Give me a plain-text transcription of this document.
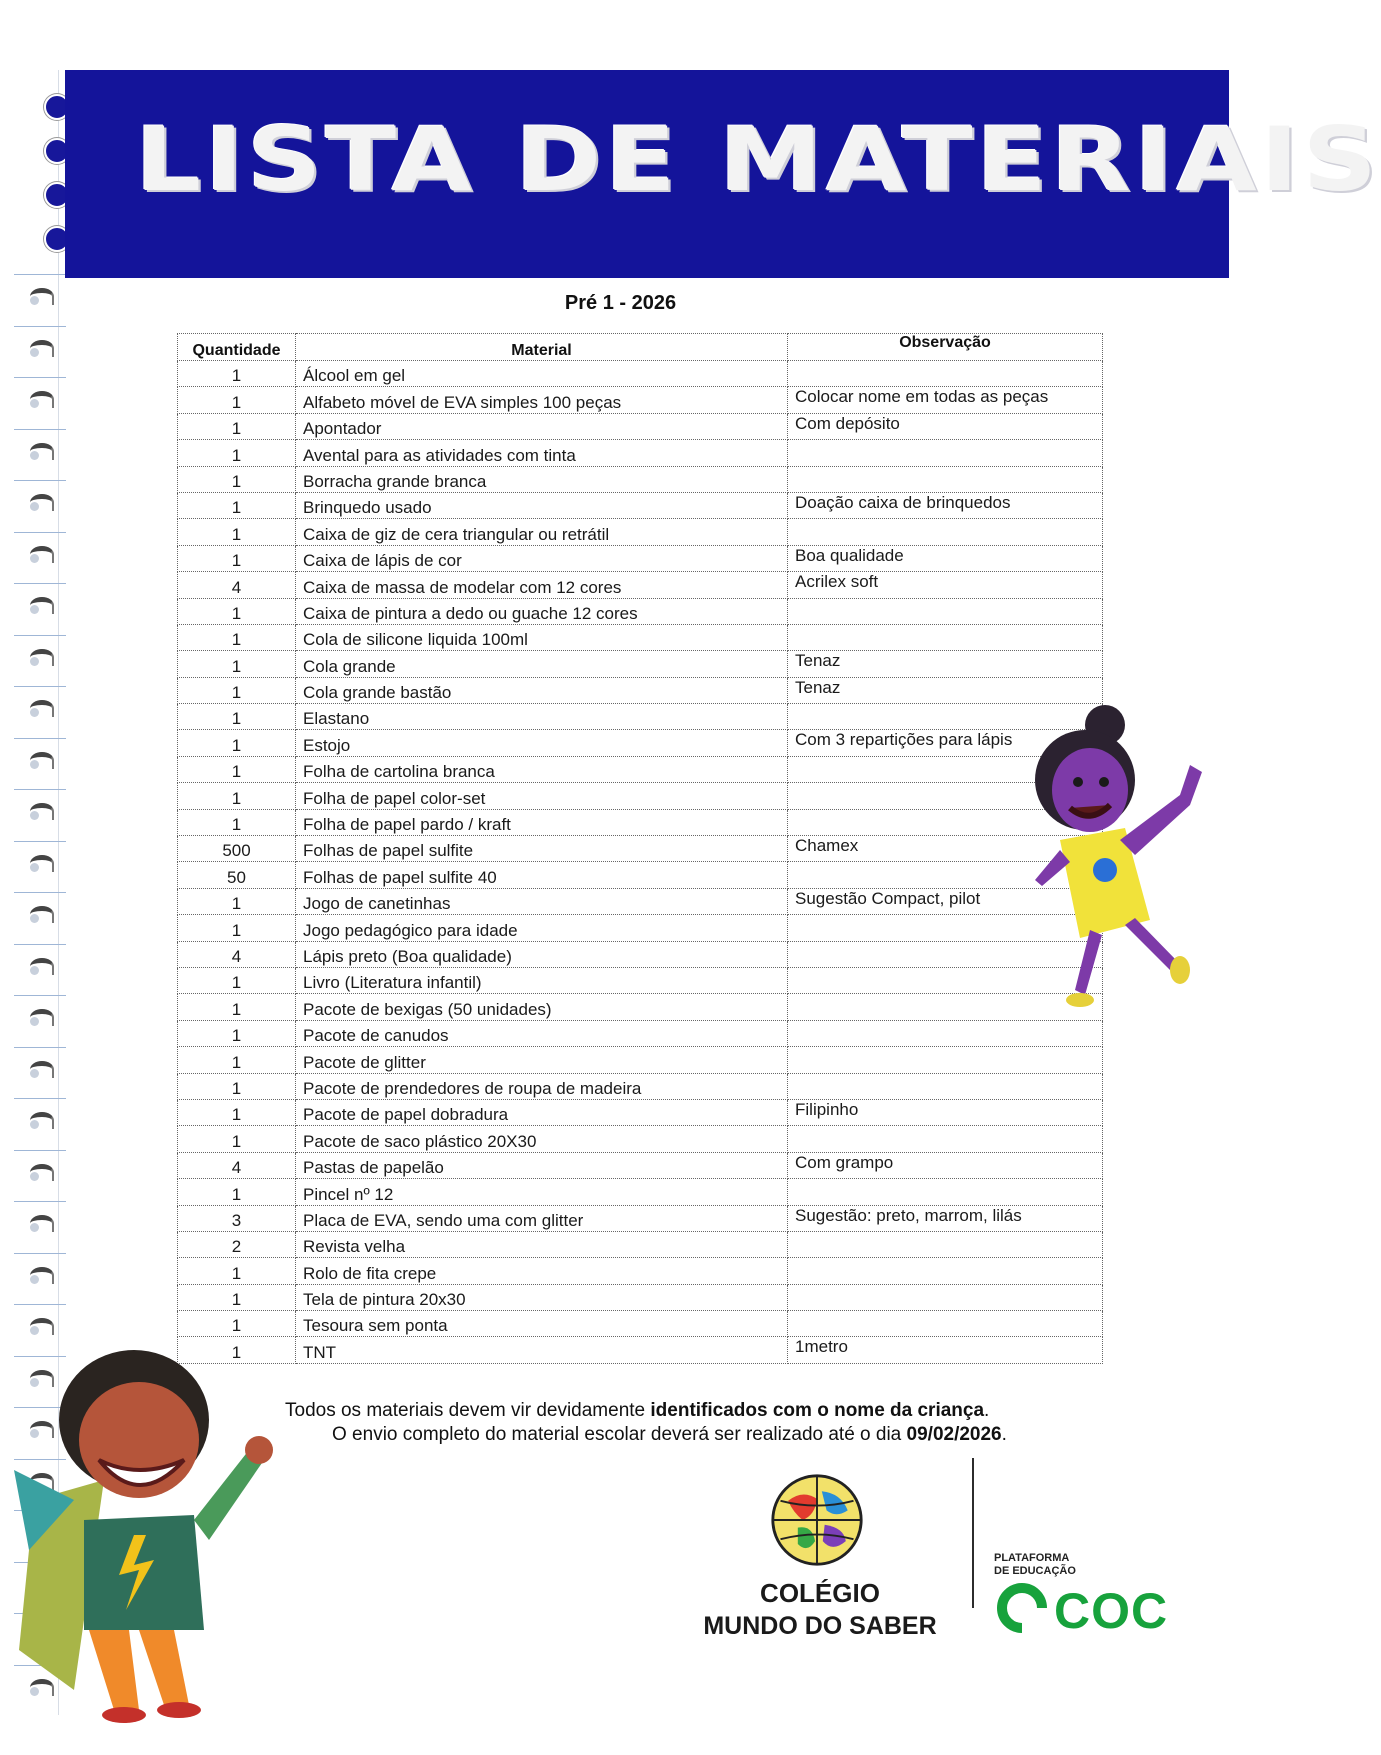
LISTA DE MATERIAIS
Pré 1 - 2026
Quantidade	Material	Observação
1	Álcool em gel	
1	Alfabeto móvel de EVA simples 100 peças	Colocar nome em todas as peças
1	Apontador	Com depósito
1	Avental para as atividades com tinta	
1	Borracha grande branca	
1	Brinquedo usado	Doação caixa de brinquedos
1	Caixa de giz de cera triangular ou retrátil	
1	Caixa de lápis de cor	Boa qualidade
4	Caixa de massa de modelar com 12 cores	Acrilex soft
1	Caixa de pintura a dedo ou guache 12 cores	
1	Cola de silicone liquida 100ml	
1	Cola grande	Tenaz
1	Cola grande bastão	Tenaz
1	Elastano	
1	Estojo	Com 3 repartições para lápis
1	Folha de cartolina branca	
1	Folha de papel color-set	
1	Folha de papel pardo / kraft	
500	Folhas de papel sulfite	Chamex
50	Folhas de papel sulfite 40	
1	Jogo de canetinhas	Sugestão Compact, pilot
1	Jogo pedagógico para idade	
4	Lápis preto (Boa qualidade)	
1	Livro (Literatura infantil)	
1	Pacote de bexigas (50 unidades)	
1	Pacote de canudos	
1	Pacote de glitter	
1	Pacote de prendedores de roupa de madeira	
1	Pacote de papel dobradura	Filipinho
1	Pacote de saco plástico 20X30	
4	Pastas de papelão	Com grampo
1	Pincel nº 12	
3	Placa de EVA, sendo uma com glitter	Sugestão: preto, marrom, lilás
2	Revista velha	
1	Rolo de fita crepe	
1	Tela de pintura 20x30	
1	Tesoura sem ponta	
1	TNT	1metro
Todos os materiais devem vir devidamente identificados com o nome da criança.
O envio completo do material escolar deverá ser realizado até o dia 09/02/2026.
COLÉGIO
MUNDO DO SABER
PLATAFORMA
DE EDUCAÇÃO
COC
